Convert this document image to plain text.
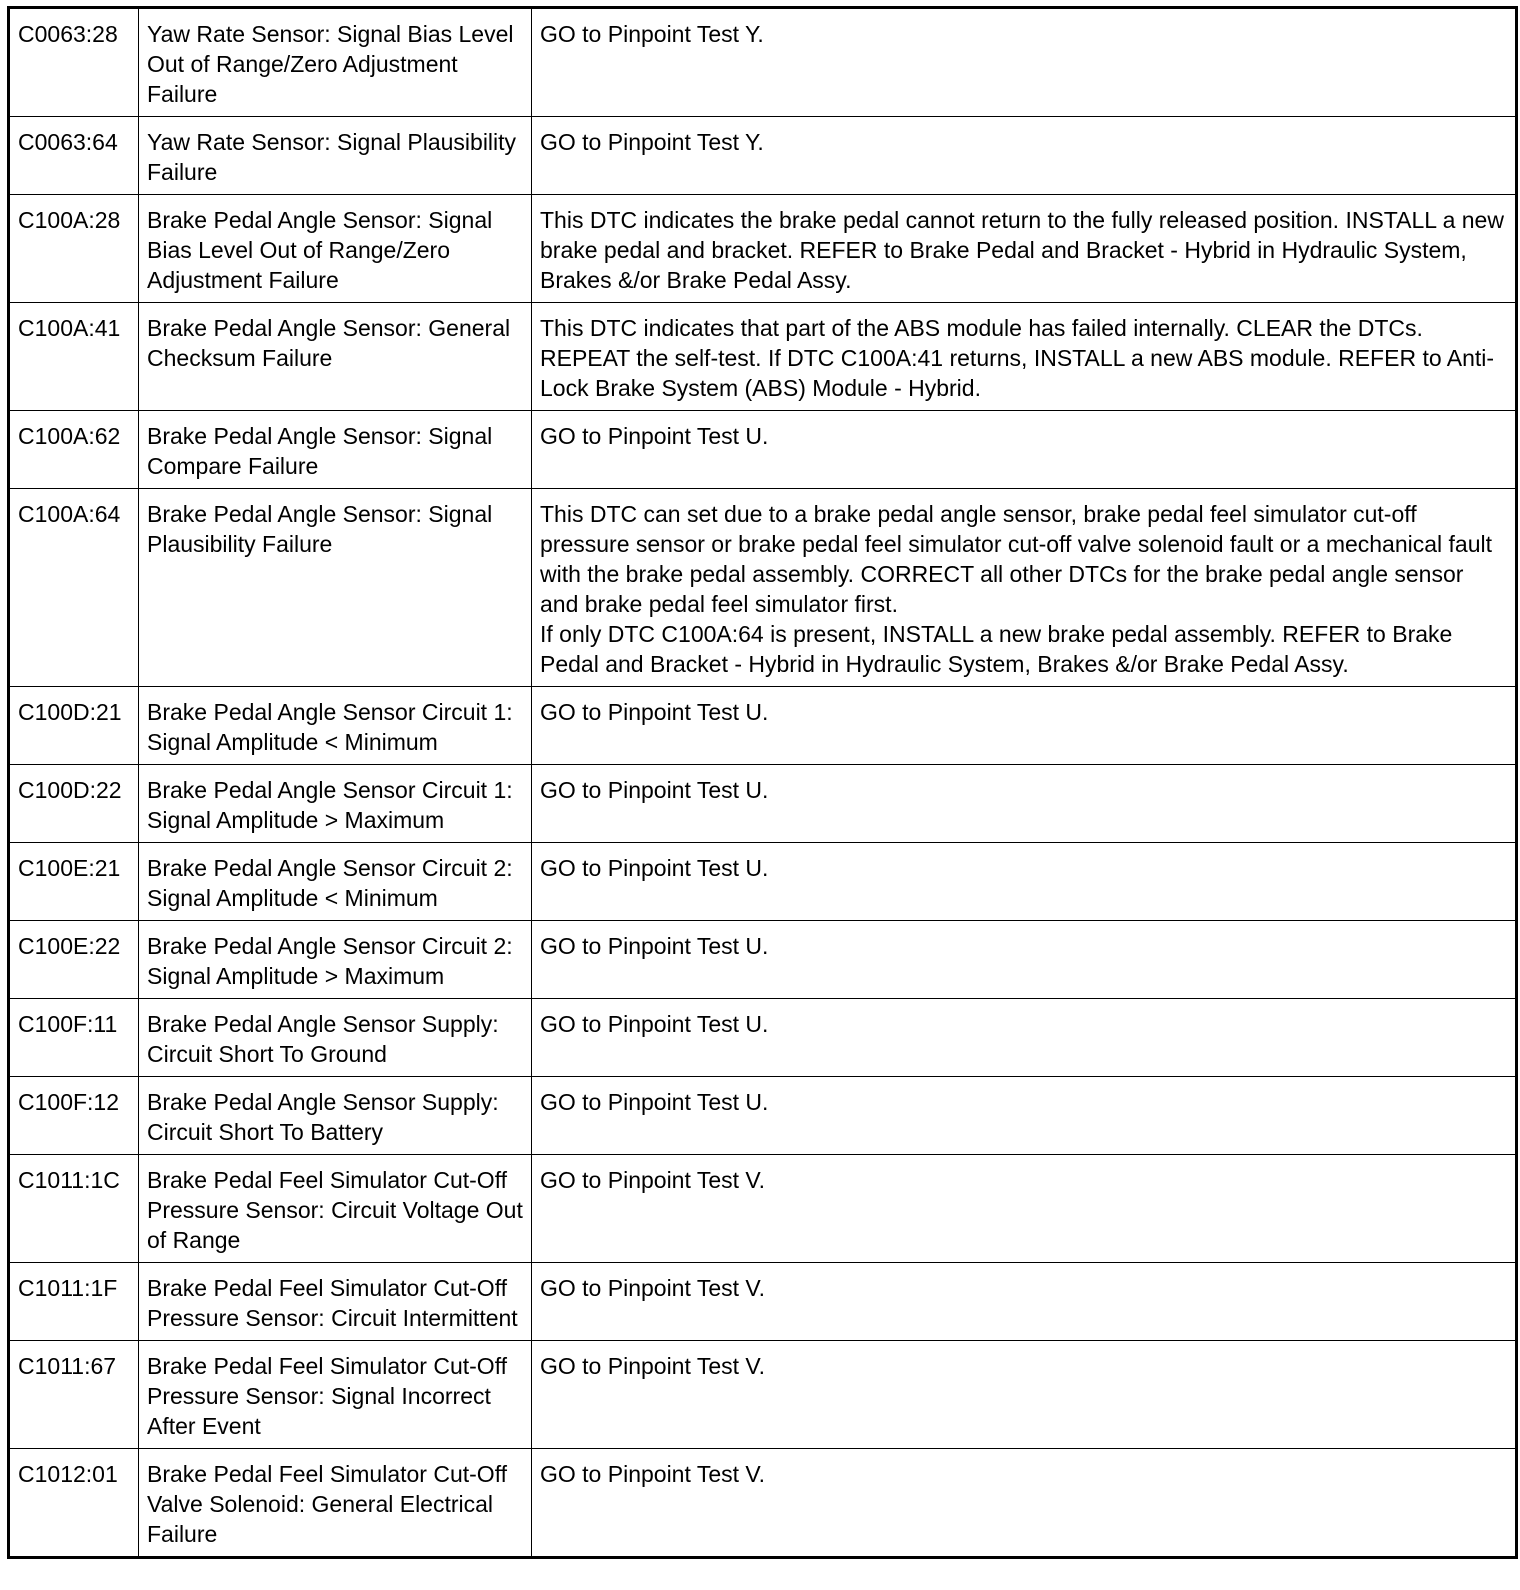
C0063:28	Yaw Rate Sensor: Signal Bias Level Out of Range/Zero Adjustment Failure	GO to Pinpoint Test Y.
C0063:64	Yaw Rate Sensor: Signal Plausibility Failure	GO to Pinpoint Test Y.
C100A:28	Brake Pedal Angle Sensor: Signal Bias Level Out of Range/Zero Adjustment Failure	This DTC indicates the brake pedal cannot return to the fully released position. INSTALL a new brake pedal and bracket. REFER to Brake Pedal and Bracket - Hybrid in Hydraulic System, Brakes &/or Brake Pedal Assy.
C100A:41	Brake Pedal Angle Sensor: General Checksum Failure	This DTC indicates that part of the ABS module has failed internally. CLEAR the DTCs. REPEAT the self-test. If DTC C100A:41 returns, INSTALL a new ABS module. REFER to Anti-Lock Brake System (ABS) Module - Hybrid.
C100A:62	Brake Pedal Angle Sensor: Signal Compare Failure	GO to Pinpoint Test U.
C100A:64	Brake Pedal Angle Sensor: Signal Plausibility Failure	This DTC can set due to a brake pedal angle sensor, brake pedal feel simulator cut-off pressure sensor or brake pedal feel simulator cut-off valve solenoid fault or a mechanical fault with the brake pedal assembly. CORRECT all other DTCs for the brake pedal angle sensor and brake pedal feel simulator first.
If only DTC C100A:64 is present, INSTALL a new brake pedal assembly. REFER to Brake Pedal and Bracket - Hybrid in Hydraulic System, Brakes &/or Brake Pedal Assy.
C100D:21	Brake Pedal Angle Sensor Circuit 1: Signal Amplitude < Minimum	GO to Pinpoint Test U.
C100D:22	Brake Pedal Angle Sensor Circuit 1: Signal Amplitude > Maximum	GO to Pinpoint Test U.
C100E:21	Brake Pedal Angle Sensor Circuit 2: Signal Amplitude < Minimum	GO to Pinpoint Test U.
C100E:22	Brake Pedal Angle Sensor Circuit 2: Signal Amplitude > Maximum	GO to Pinpoint Test U.
C100F:11	Brake Pedal Angle Sensor Supply: Circuit Short To Ground	GO to Pinpoint Test U.
C100F:12	Brake Pedal Angle Sensor Supply: Circuit Short To Battery	GO to Pinpoint Test U.
C1011:1C	Brake Pedal Feel Simulator Cut-Off Pressure Sensor: Circuit Voltage Out of Range	GO to Pinpoint Test V.
C1011:1F	Brake Pedal Feel Simulator Cut-Off Pressure Sensor: Circuit Intermittent	GO to Pinpoint Test V.
C1011:67	Brake Pedal Feel Simulator Cut-Off Pressure Sensor: Signal Incorrect After Event	GO to Pinpoint Test V.
C1012:01	Brake Pedal Feel Simulator Cut-Off Valve Solenoid: General Electrical Failure	GO to Pinpoint Test V.
